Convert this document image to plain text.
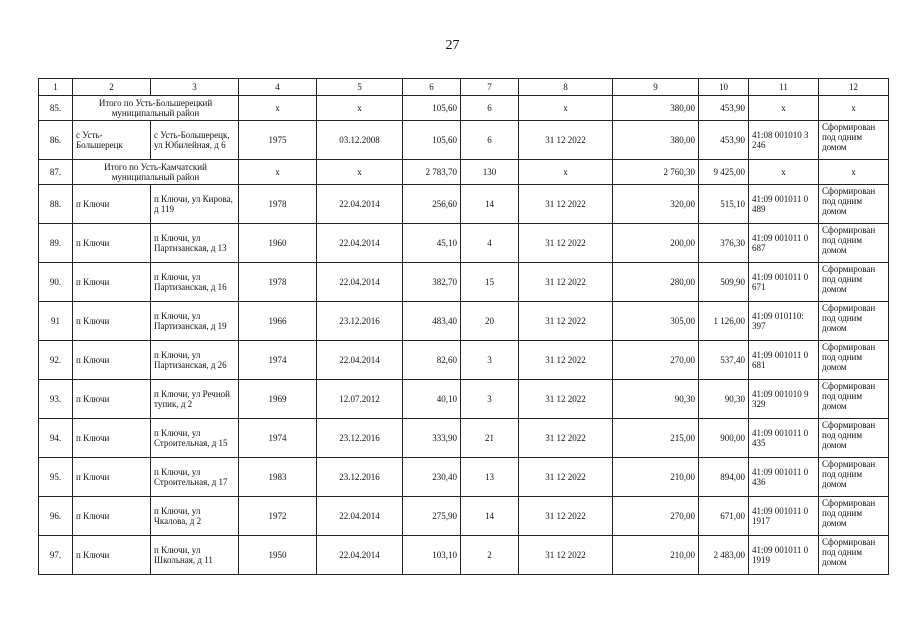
27
1	2	3	4	5	6	7	8	9	10	11	12
85.	Итого по Усть-Большерецкий муниципальный район		x	x	105,60	6	x	380,00	453,90	x	x
86.	с Усть-Большерецк	с Усть-Большерецк, ул Юбилейная, д 6	1975	03.12.2008	105,60	6	31 12 2022	380,00	453,90	41:08 001010 3 246	Сформирован под одним домом
87.	Итого по Усть-Камчатский муниципальный район		x	x	2 783,70	130	x	2 760,30	9 425,00	x	x
88.	п Ключи	п Ключи, ул Кирова, д 119	1978	22.04.2014	256,60	14	31 12 2022	320,00	515,10	41:09 001011 0 489	Сформирован под одним домом
89.	п Ключи	п Ключи, ул Партизанская, д 13	1960	22.04.2014	45,10	4	31 12 2022	200,00	376,30	41:09 001011 0 687	Сформирован под одним домом
90.	п Ключи	п Ключи, ул Партизанская, д 16	1978	22.04.2014	382,70	15	31 12 2022	280,00	509,90	41:09 001011 0 671	Сформирован под одним домом
91	п Ключи	п Ключи, ул Партизанская, д 19	1966	23.12.2016	483,40	20	31 12 2022	305,00	1 126,00	41:09 010110: 397	Сформирован под одним домом
92.	п Ключи	п Ключи, ул Партизанская, д 26	1974	22.04.2014	82,60	3	31 12 2022	270,00	537,40	41:09 001011 0 681	Сформирован под одним домом
93.	п Ключи	п Ключи, ул Речной тупик, д 2	1969	12.07.2012	40,10	3	31 12 2022	90,30	90,30	41:09 001010 9 329	Сформирован под одним домом
94.	п Ключи	п Ключи, ул Строительная, д 15	1974	23.12.2016	333,90	21	31 12 2022	215,00	900,00	41:09 001011 0 435	Сформирован под одним домом
95.	п Ключи	п Ключи, ул Строительная, д 17	1983	23.12.2016	230,40	13	31 12 2022	210,00	894,00	41:09 001011 0 436	Сформирован под одним домом
96.	п Ключи	п Ключи, ул Чкалова, д 2	1972	22.04.2014	275,90	14	31 12 2022	270,00	671,00	41:09 001011 0 1917	Сформирован под одним домом
97.	п Ключи	п Ключи, ул Школьная, д 11	1950	22.04.2014	103,10	2	31 12 2022	210,00	2 483,00	41:09 001011 0 1919	Сформирован под одним домом
